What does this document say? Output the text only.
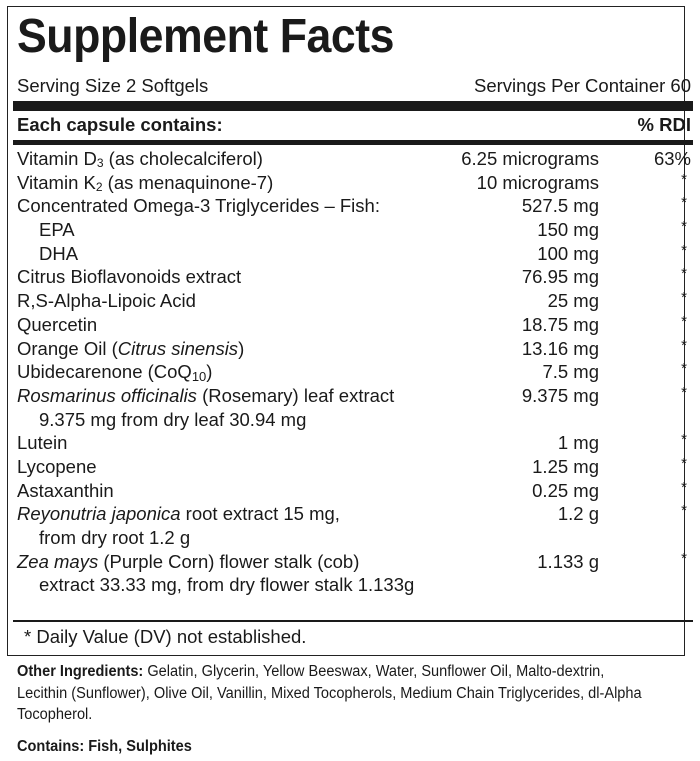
Supplement Facts
Serving Size 2 Softgels	Servings Per Container 60
Each capsule contains:	% RDI
Vitamin D3 (as cholecalciferol)	6.25 micrograms	63%
Vitamin K2 (as menaquinone-7)	10 micrograms	*
Concentrated Omega-3 Triglycerides – Fish:	527.5 mg	*
EPA	150 mg	*
DHA	100 mg	*
Citrus Bioflavonoids extract	76.95 mg	*
R,S-Alpha-Lipoic Acid	25 mg	*
Quercetin	18.75 mg	*
Orange Oil (Citrus sinensis)	13.16 mg	*
Ubidecarenone (CoQ10)	7.5 mg	*
Rosmarinus officinalis (Rosemary) leaf extract	9.375 mg	*
9.375 mg from dry leaf 30.94 mg
Lutein	1 mg	*
Lycopene	1.25 mg	*
Astaxanthin	0.25 mg	*
Reyonutria japonica root extract 15 mg,	1.2 g	*
from dry root 1.2 g
Zea mays (Purple Corn) flower stalk (cob)	1.133 g	*
extract 33.33 mg, from dry flower stalk 1.133g
* Daily Value (DV) not established.
Other Ingredients: Gelatin, Glycerin, Yellow Beeswax, Water, Sunflower Oil, Malto-dextrin, Lecithin (Sunflower), Olive Oil, Vanillin, Mixed Tocopherols, Medium Chain Triglycerides, dl-Alpha Tocopherol.
Contains: Fish, Sulphites
